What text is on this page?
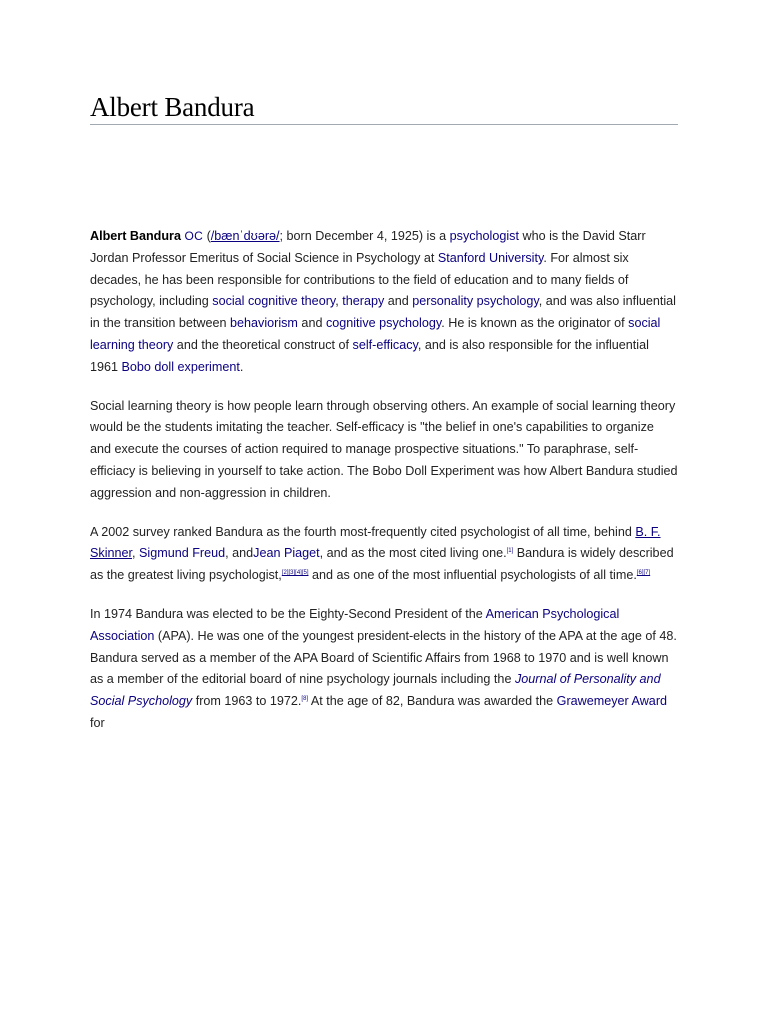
Albert Bandura

Albert Bandura OC (/bænˈdʊərə/; born December 4, 1925) is a psychologist who is the David Starr Jordan Professor Emeritus of Social Science in Psychology at Stanford University. For almost six decades, he has been responsible for contributions to the field of education and to many fields of psychology, including social cognitive theory, therapy and personality psychology, and was also influential in the transition between behaviorism and cognitive psychology. He is known as the originator of social learning theory and the theoretical construct of self-efficacy, and is also responsible for the influential 1961 Bobo doll experiment.

Social learning theory is how people learn through observing others. An example of social learning theory would be the students imitating the teacher. Self-efficacy is "the belief in one's capabilities to organize and execute the courses of action required to manage prospective situations." To paraphrase, self-efficiacy is believing in yourself to take action. The Bobo Doll Experiment was how Albert Bandura studied aggression and non-aggression in children.

A 2002 survey ranked Bandura as the fourth most-frequently cited psychologist of all time, behind B. F. Skinner, Sigmund Freud, andJean Piaget, and as the most cited living one.[1] Bandura is widely described as the greatest living psychologist,[2][3][4][5] and as one of the most influential psychologists of all time.[6][7]

In 1974 Bandura was elected to be the Eighty-Second President of the American Psychological Association (APA). He was one of the youngest president-elects in the history of the APA at the age of 48. Bandura served as a member of the APA Board of Scientific Affairs from 1968 to 1970 and is well known as a member of the editorial board of nine psychology journals including the Journal of Personality and Social Psychology from 1963 to 1972.[8] At the age of 82, Bandura was awarded the Grawemeyer Award for
